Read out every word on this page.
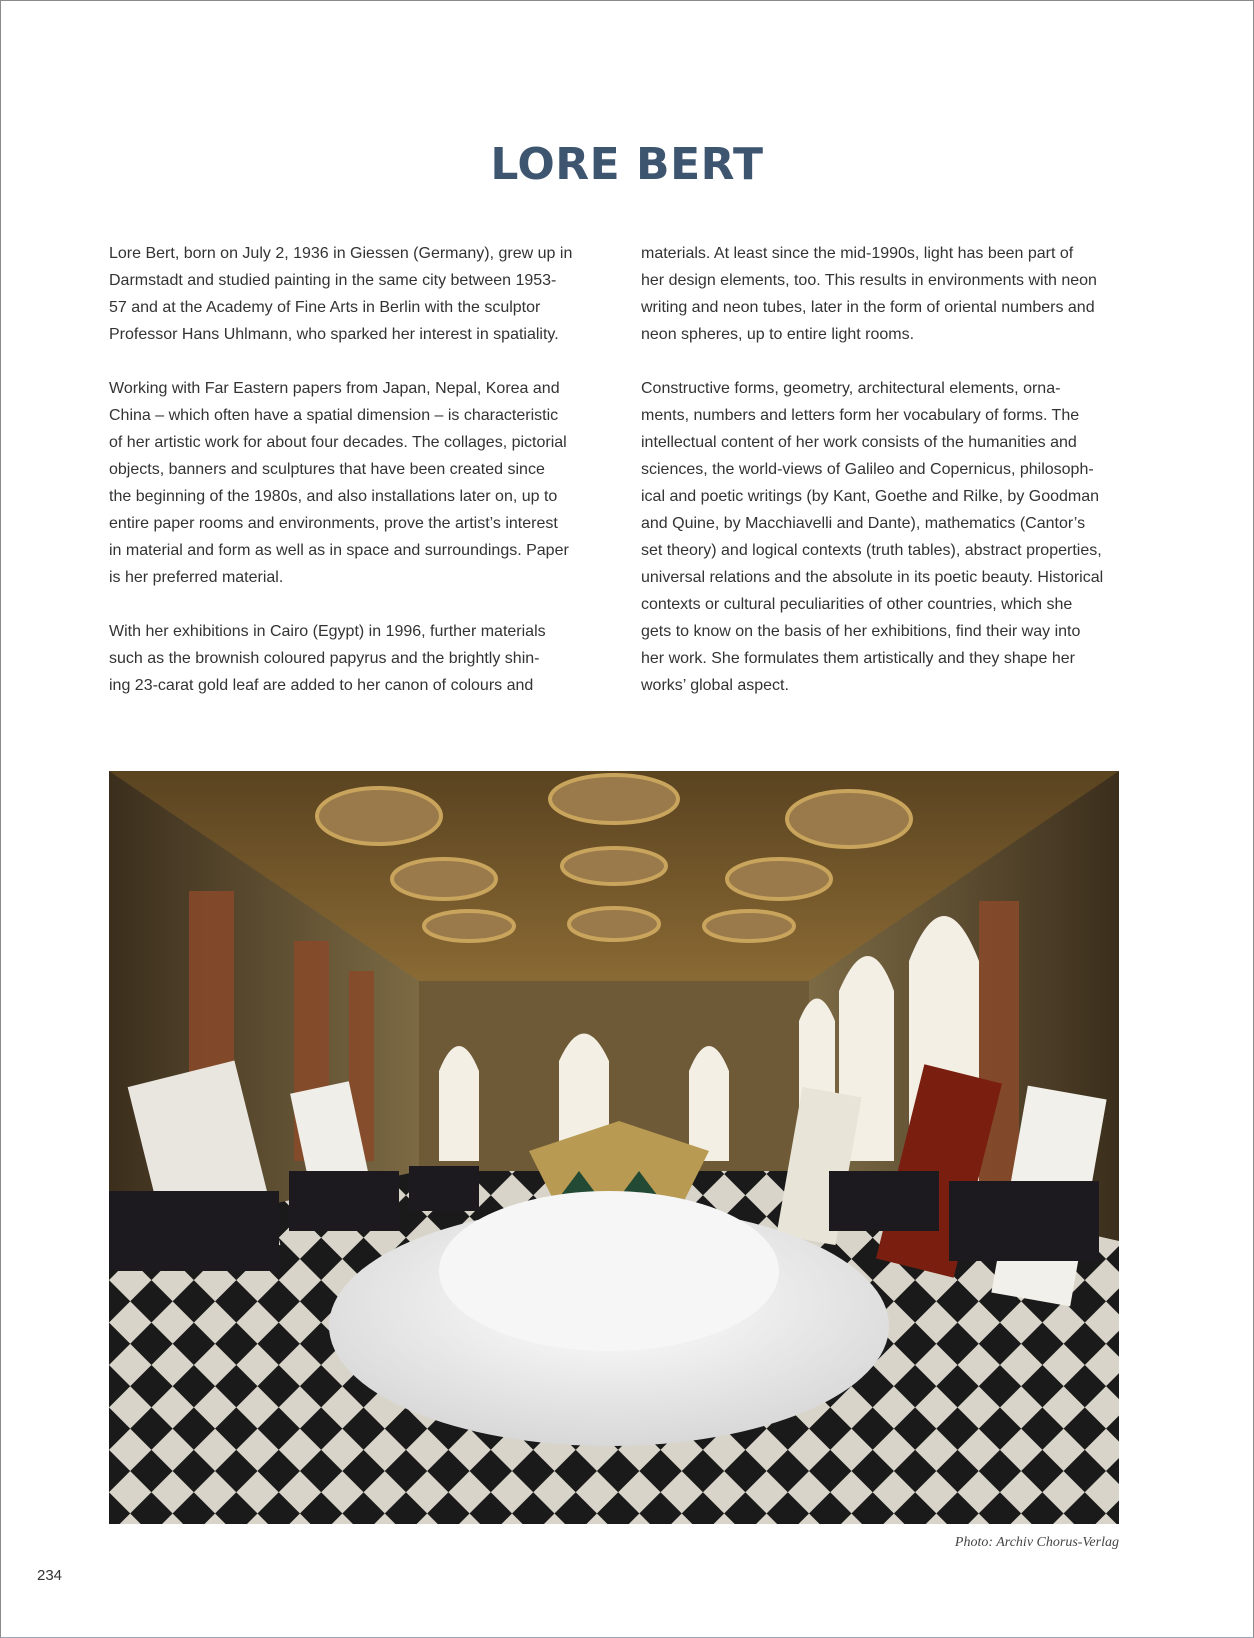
LORE BERT

Lore Bert, born on July 2, 1936 in Giessen (Germany), grew up in
Darmstadt and studied painting in the same city between 1953-
57 and at the Academy of Fine Arts in Berlin with the sculptor
Professor Hans Uhlmann, who sparked her interest in spatiality.

Working with Far Eastern papers from Japan, Nepal, Korea and
China – which often have a spatial dimension – is characteristic
of her artistic work for about four decades. The collages, pictorial
objects, banners and sculptures that have been created since
the beginning of the 1980s, and also installations later on, up to
entire paper rooms and environments, prove the artist’s interest
in material and form as well as in space and surroundings. Paper
is her preferred material.

With her exhibitions in Cairo (Egypt) in 1996, further materials
such as the brownish coloured papyrus and the brightly shin-
ing 23-carat gold leaf are added to her canon of colours and

materials. At least since the mid-1990s, light has been part of
her design elements, too. This results in environments with neon
writing and neon tubes, later in the form of oriental numbers and
neon spheres, up to entire light rooms.

Constructive forms, geometry, architectural elements, orna-
ments, numbers and letters form her vocabulary of forms. The
intellectual content of her work consists of the humanities and
sciences, the world-views of Galileo and Copernicus, philosoph-
ical and poetic writings (by Kant, Goethe and Rilke, by Goodman
and Quine, by Macchiavelli and Dante), mathematics (Cantor’s
set theory) and logical contexts (truth tables), abstract properties,
universal relations and the absolute in its poetic beauty. Historical
contexts or cultural peculiarities of other countries, which she
gets to know on the basis of her exhibitions, find their way into
her work. She formulates them artistically and they shape her
works’ global aspect.

Photo: Archiv Chorus-Verlag
234
